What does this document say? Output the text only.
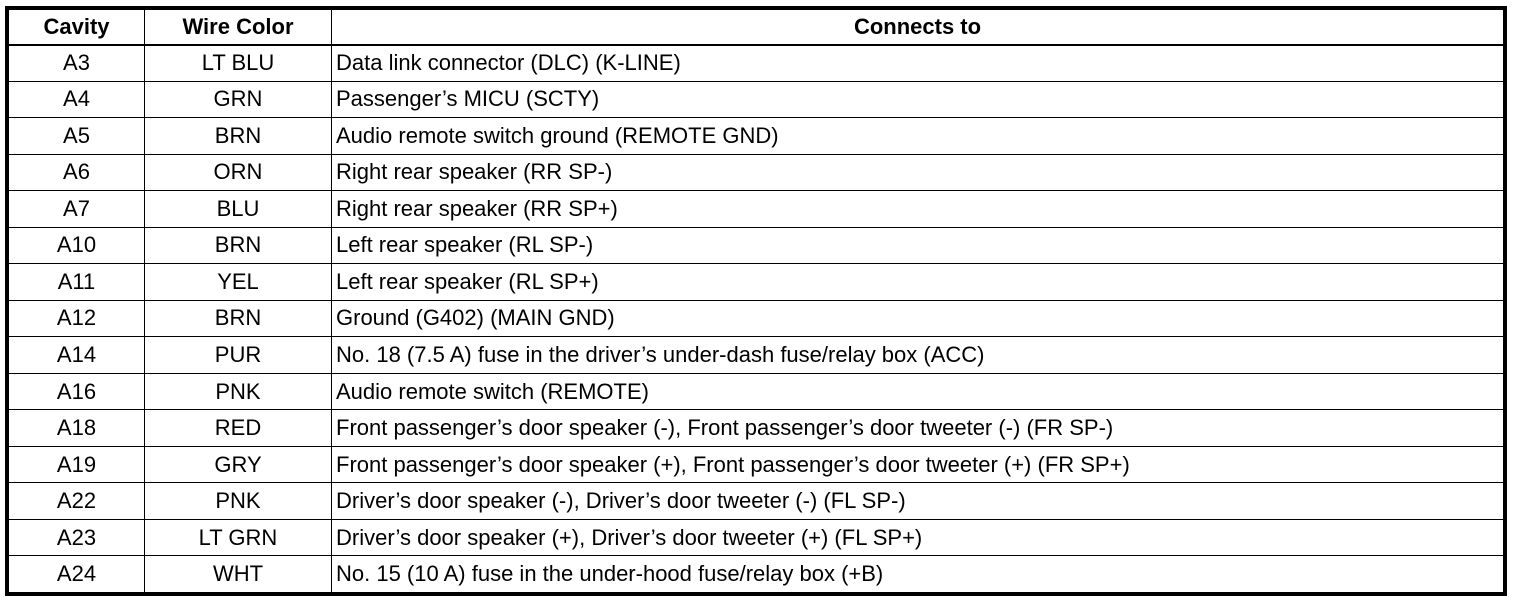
Cavity	Wire Color	Connects to
A3	LT BLU	Data link connector (DLC) (K-LINE)
A4	GRN	Passenger’s MICU (SCTY)
A5	BRN	Audio remote switch ground (REMOTE GND)
A6	ORN	Right rear speaker (RR SP-)
A7	BLU	Right rear speaker (RR SP+)
A10	BRN	Left rear speaker (RL SP-)
A11	YEL	Left rear speaker (RL SP+)
A12	BRN	Ground (G402) (MAIN GND)
A14	PUR	No. 18 (7.5 A) fuse in the driver’s under-dash fuse/relay box (ACC)
A16	PNK	Audio remote switch (REMOTE)
A18	RED	Front passenger’s door speaker (-), Front passenger’s door tweeter (-) (FR SP-)
A19	GRY	Front passenger’s door speaker (+), Front passenger’s door tweeter (+) (FR SP+)
A22	PNK	Driver’s door speaker (-), Driver’s door tweeter (-) (FL SP-)
A23	LT GRN	Driver’s door speaker (+), Driver’s door tweeter (+) (FL SP+)
A24	WHT	No. 15 (10 A) fuse in the under-hood fuse/relay box (+B)
